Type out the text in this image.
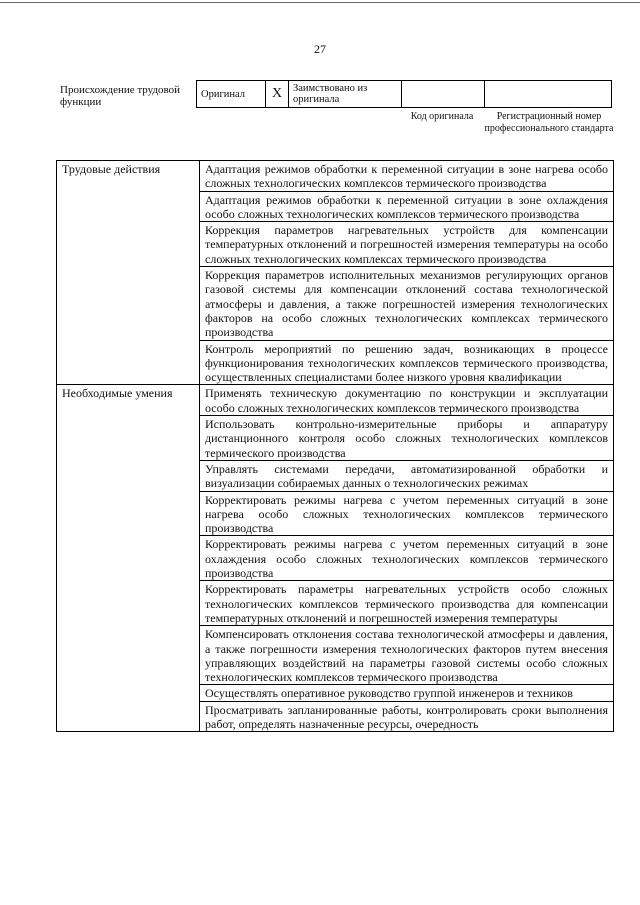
27
Происхождение трудовой функции
Оригинал	X	Заимствовано из оригинала		
Код оригинала	Регистрационный номер профессионального стандарта
Трудовые действия	Адаптация режимов обработки к переменной ситуации в зоне нагрева особо сложных технологических комплексов термического производства
	Адаптация режимов обработки к переменной ситуации в зоне охлаждения особо сложных технологических комплексов термического производства
	Коррекция параметров нагревательных устройств для компенсации температурных отклонений и погрешностей измерения температуры на особо сложных технологических комплексах термического производства
	Коррекция параметров исполнительных механизмов регулирующих органов газовой системы для компенсации отклонений состава технологической атмосферы и давления, а также погрешностей измерения технологических факторов на особо сложных технологических комплексах термического производства
	Контроль мероприятий по решению задач, возникающих в процессе функционирования технологических комплексов термического производства, осуществленных специалистами более низкого уровня квалификации
Необходимые умения	Применять техническую документацию по конструкции и эксплуатации особо сложных технологических комплексов термического производства
	Использовать контрольно-измерительные приборы и аппаратуру дистанционного контроля особо сложных технологических комплексов термического производства
	Управлять системами передачи, автоматизированной обработки и визуализации собираемых данных о технологических режимах
	Корректировать режимы нагрева с учетом переменных ситуаций в зоне нагрева особо сложных технологических комплексов термического производства
	Корректировать режимы нагрева с учетом переменных ситуаций в зоне охлаждения особо сложных технологических комплексов термического производства
	Корректировать параметры нагревательных устройств особо сложных технологических комплексов термического производства для компенсации температурных отклонений и погрешностей измерения температуры
	Компенсировать отклонения состава технологической атмосферы и давления, а также погрешности измерения технологических факторов путем внесения управляющих воздействий на параметры газовой системы особо сложных технологических комплексов термического производства
	Осуществлять оперативное руководство группой инженеров и техников
	Просматривать запланированные работы, контролировать сроки выполнения работ, определять назначенные ресурсы, очередность
